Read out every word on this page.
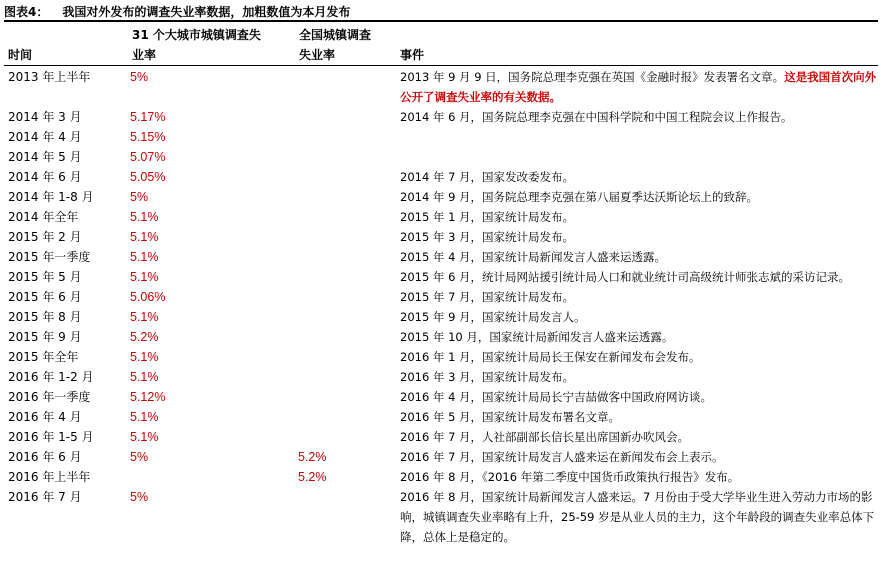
图表4： 我国对外发布的调查失业率数据，加粗数值为本月发布
时间
31 个大城市城镇调查失
业率
全国城镇调查
失业率	事件
2013 年上半年	5%		2013 年 9 月 9 日，国务院总理李克强在英国《金融时报》发表署名文章。这是我国首次向外公开了调查失业率的有关数据。
2014 年 3 月	5.17%		2014 年 6 月，国务院总理李克强在中国科学院和中国工程院会议上作报告。
2014 年 4 月	5.15%		
2014 年 5 月	5.07%		
2014 年 6 月	5.05%		2014 年 7 月，国家发改委发布。
2014 年 1-8 月	5%		2014 年 9 月，国务院总理李克强在第八届夏季达沃斯论坛上的致辞。
2014 年全年	5.1%		2015 年 1 月，国家统计局发布。
2015 年 2 月	5.1%		2015 年 3 月，国家统计局发布。
2015 年一季度	5.1%		2015 年 4 月，国家统计局新闻发言人盛来运透露。
2015 年 5 月	5.1%		2015 年 6 月，统计局网站援引统计局人口和就业统计司高级统计师张志斌的采访记录。
2015 年 6 月	5.06%		2015 年 7 月，国家统计局发布。
2015 年 8 月	5.1%		2015 年 9 月，国家统计局发言人。
2015 年 9 月	5.2%		2015 年 10 月，国家统计局新闻发言人盛来运透露。
2015 年全年	5.1%		2016 年 1 月，国家统计局局长王保安在新闻发布会发布。
2016 年 1-2 月	5.1%		2016 年 3 月，国家统计局发布。
2016 年一季度	5.12%		2016 年 4 月，国家统计局局长宁吉喆做客中国政府网访谈。
2016 年 4 月	5.1%		2016 年 5 月，国家统计局发布署名文章。
2016 年 1-5 月	5.1%		2016 年 7 月，人社部副部长信长星出席国新办吹风会。
2016 年 6 月	5%	5.2%	2016 年 7 月，国家统计局发言人盛来运在新闻发布会上表示。
2016 年上半年		5.2%	2016 年 8 月，《2016 年第二季度中国货币政策执行报告》发布。
2016 年 7 月	5%		2016 年 8 月，国家统计局新闻发言人盛来运。7 月份由于受大学毕业生进入劳动力市场的影响，城镇调查失业率略有上升，25-59 岁是从业人员的主力，这个年龄段的调查失业率总体下降，总体上是稳定的。
